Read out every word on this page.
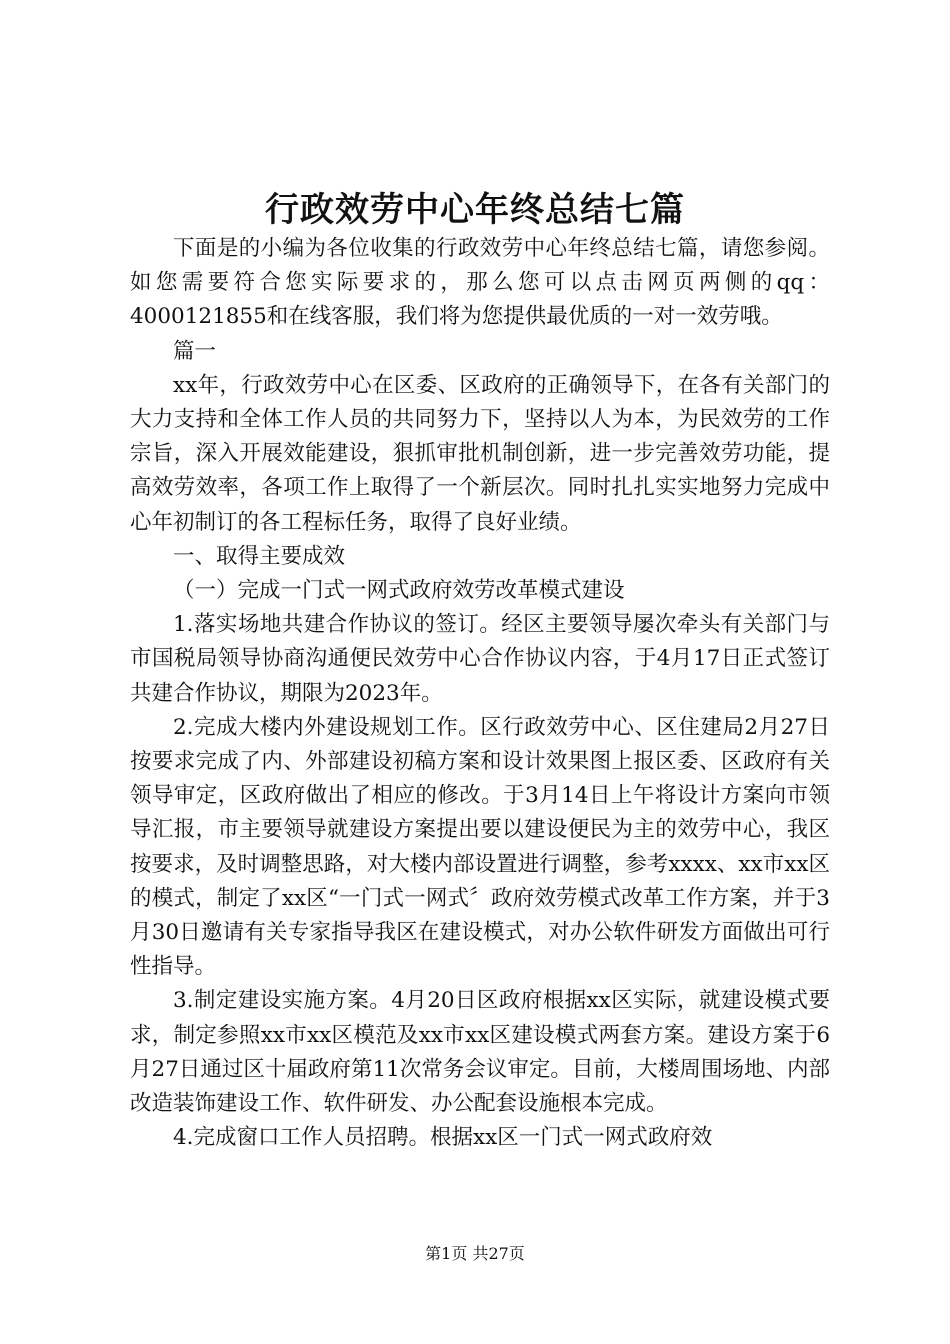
行政效劳中心年终总结七篇

下面是的小编为各位收集的行政效劳中心年终总结七篇，请您参阅。如您需要符合您实际要求的，那么您可以点击网页两侧的qq：4000121855和在线客服，我们将为您提供最优质的一对一效劳哦。

篇一

xx年，行政效劳中心在区委、区政府的正确领导下，在各有关部门的大力支持和全体工作人员的共同努力下，坚持以人为本，为民效劳的工作宗旨，深入开展效能建设，狠抓审批机制创新，进一步完善效劳功能，提高效劳效率，各项工作上取得了一个新层次。同时扎扎实实地努力完成中心年初制订的各工程标任务，取得了良好业绩。

一、取得主要成效

（一）完成一门式一网式政府效劳改革模式建设

1.落实场地共建合作协议的签订。经区主要领导屡次牵头有关部门与市国税局领导协商沟通便民效劳中心合作协议内容，于4月17日正式签订共建合作协议，期限为2023年。

2.完成大楼内外建设规划工作。区行政效劳中心、区住建局2月27日按要求完成了内、外部建设初稿方案和设计效果图上报区委、区政府有关领导审定，区政府做出了相应的修改。于3月14日上午将设计方案向市领导汇报，市主要领导就建设方案提出要以建设便民为主的效劳中心，我区按要求，及时调整思路，对大楼内部设置进行调整，参考xxxx、xx市xx区的模式，制定了xx区“一门式一网式〞政府效劳模式改革工作方案，并于3月30日邀请有关专家指导我区在建设模式，对办公软件研发方面做出可行性指导。

3.制定建设实施方案。4月20日区政府根据xx区实际，就建设模式要求，制定参照xx市xx区模范及xx市xx区建设模式两套方案。建设方案于6月27日通过区十届政府第11次常务会议审定。目前，大楼周围场地、内部改造装饰建设工作、软件研发、办公配套设施根本完成。

4.完成窗口工作人员招聘。根据xx区一门式一网式政府效

第1页 共27页
